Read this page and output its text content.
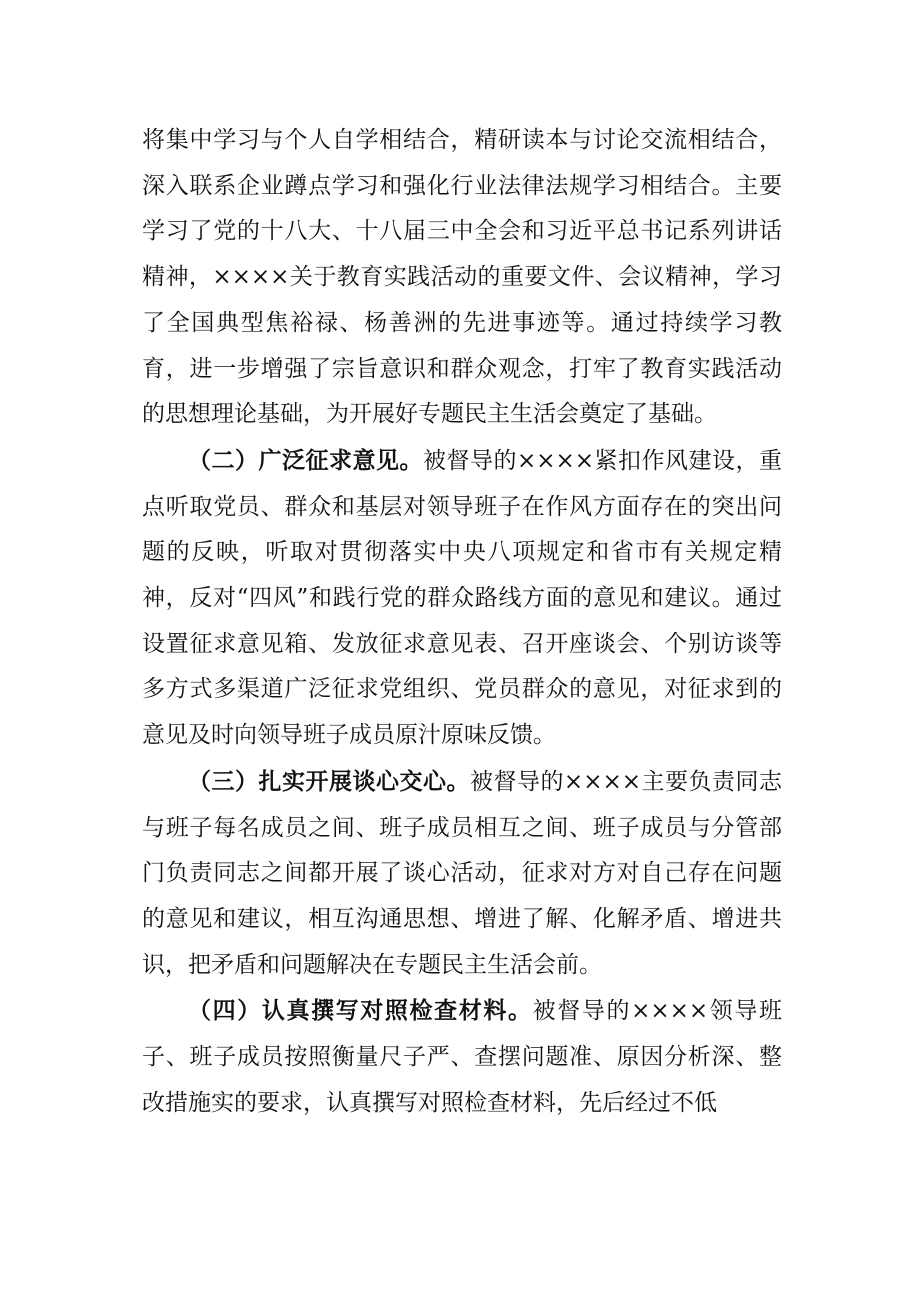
将集中学习与个人自学相结合，精研读本与讨论交流相结合，深入联系企业蹲点学习和强化行业法律法规学习相结合。主要学习了党的十八大、十八届三中全会和习近平总书记系列讲话精神，××××关于教育实践活动的重要文件、会议精神，学习了全国典型焦裕禄、杨善洲的先进事迹等。通过持续学习教育，进一步增强了宗旨意识和群众观念，打牢了教育实践活动的思想理论基础，为开展好专题民主生活会奠定了基础。

（二）广泛征求意见。被督导的××××紧扣作风建设，重点听取党员、群众和基层对领导班子在作风方面存在的突出问题的反映，听取对贯彻落实中央八项规定和省市有关规定精神，反对“四风”和践行党的群众路线方面的意见和建议。通过设置征求意见箱、发放征求意见表、召开座谈会、个别访谈等多方式多渠道广泛征求党组织、党员群众的意见，对征求到的意见及时向领导班子成员原汁原味反馈。

（三）扎实开展谈心交心。被督导的××××主要负责同志与班子每名成员之间、班子成员相互之间、班子成员与分管部门负责同志之间都开展了谈心活动，征求对方对自己存在问题的意见和建议，相互沟通思想、增进了解、化解矛盾、增进共识，把矛盾和问题解决在专题民主生活会前。

（四）认真撰写对照检查材料。被督导的××××领导班子、班子成员按照衡量尺子严、查摆问题准、原因分析深、整改措施实的要求，认真撰写对照检查材料，先后经过不低
